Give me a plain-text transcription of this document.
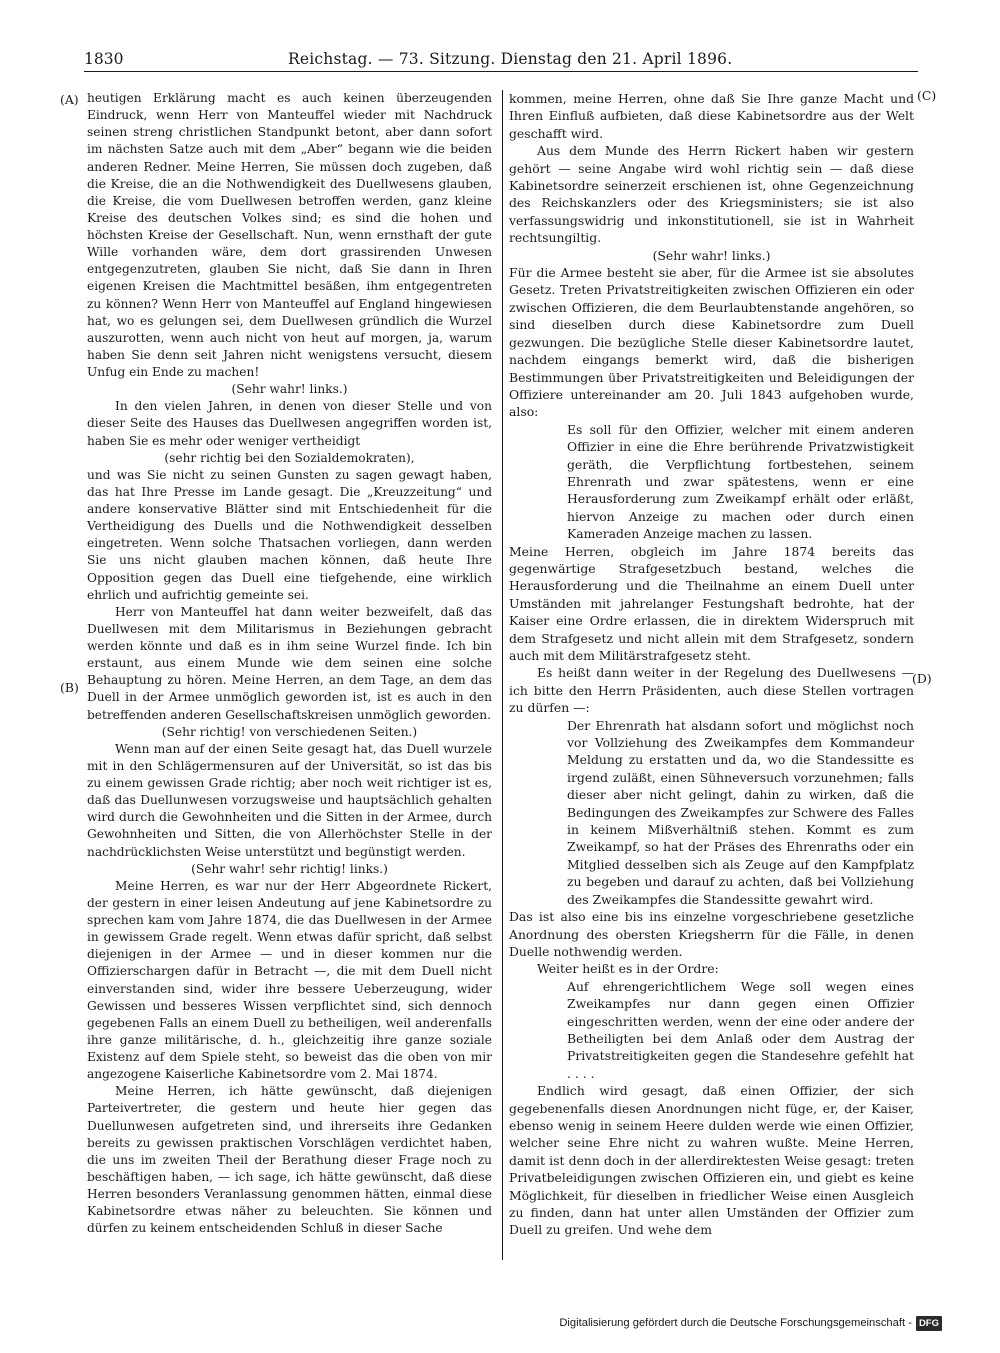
1830	Reichstag. — 73. Sitzung. Dienstag den 21. April 1896.
(A)
(B)
(C)
(D)

heutigen Erklärung macht es auch keinen überzeugenden Eindruck, wenn Herr von Manteuffel wieder mit Nachdruck seinen streng christlichen Standpunkt betont, aber dann sofort im nächsten Satze auch mit dem „Aber“ begann wie die beiden anderen Redner. Meine Herren, Sie müssen doch zugeben, daß die Kreise, die an die Nothwendigkeit des Duellwesens glauben, die Kreise, die vom Duellwesen betroffen werden, ganz kleine Kreise des deutschen Volkes sind; es sind die hohen und höchsten Kreise der Gesellschaft. Nun, wenn ernsthaft der gute Wille vorhanden wäre, dem dort grassirenden Unwesen entgegenzutreten, glauben Sie nicht, daß Sie dann in Ihren eigenen Kreisen die Machtmittel besäßen, ihm entgegentreten zu können? Wenn Herr von Manteuffel auf England hingewiesen hat, wo es gelungen sei, dem Duellwesen gründlich die Wurzel auszurotten, wenn auch nicht von heut auf morgen, ja, warum haben Sie denn seit Jahren nicht wenigstens versucht, diesem Unfug ein Ende zu machen!

(Sehr wahr! links.)

In den vielen Jahren, in denen von dieser Stelle und von dieser Seite des Hauses das Duellwesen angegriffen worden ist, haben Sie es mehr oder weniger vertheidigt

(sehr richtig bei den Sozialdemokraten),

und was Sie nicht zu seinen Gunsten zu sagen gewagt haben, das hat Ihre Presse im Lande gesagt. Die „Kreuzzeitung“ und andere konservative Blätter sind mit Entschiedenheit für die Vertheidigung des Duells und die Nothwendigkeit desselben eingetreten. Wenn solche Thatsachen vorliegen, dann werden Sie uns nicht glauben machen können, daß heute Ihre Opposition gegen das Duell eine tiefgehende, eine wirklich ehrlich und aufrichtig gemeinte sei.

Herr von Manteuffel hat dann weiter bezweifelt, daß das Duellwesen mit dem Militarismus in Beziehungen gebracht werden könnte und daß es in ihm seine Wurzel finde. Ich bin erstaunt, aus einem Munde wie dem seinen eine solche Behauptung zu hören. Meine Herren, an dem Tage, an dem das Duell in der Armee unmöglich geworden ist, ist es auch in den betreffenden anderen Gesellschaftskreisen unmöglich geworden.

(Sehr richtig! von verschiedenen Seiten.)

Wenn man auf der einen Seite gesagt hat, das Duell wurzele mit in den Schlägermensuren auf der Universität, so ist das bis zu einem gewissen Grade richtig; aber noch weit richtiger ist es, daß das Duellunwesen vorzugsweise und hauptsächlich gehalten wird durch die Gewohnheiten und die Sitten in der Armee, durch Gewohnheiten und Sitten, die von Allerhöchster Stelle in der nachdrücklichsten Weise unterstützt und begünstigt werden.

(Sehr wahr! sehr richtig! links.)

Meine Herren, es war nur der Herr Abgeordnete Rickert, der gestern in einer leisen Andeutung auf jene Kabinetsordre zu sprechen kam vom Jahre 1874, die das Duellwesen in der Armee in gewissem Grade regelt. Wenn etwas dafür spricht, daß selbst diejenigen in der Armee — und in dieser kommen nur die Offizierschargen dafür in Betracht —, die mit dem Duell nicht einverstanden sind, wider ihre bessere Ueberzeugung, wider Gewissen und besseres Wissen verpflichtet sind, sich dennoch gegebenen Falls an einem Duell zu betheiligen, weil anderenfalls ihre ganze militärische, d. h., gleichzeitig ihre ganze soziale Existenz auf dem Spiele steht, so beweist das die oben von mir angezogene Kaiserliche Kabinetsordre vom 2. Mai 1874.

Meine Herren, ich hätte gewünscht, daß diejenigen Parteivertreter, die gestern und heute hier gegen das Duellunwesen aufgetreten sind, und ihrerseits ihre Gedanken bereits zu gewissen praktischen Vorschlägen verdichtet haben, die uns im zweiten Theil der Berathung dieser Frage noch zu beschäftigen haben, — ich sage, ich hätte gewünscht, daß diese Herren besonders Veranlassung genommen hätten, einmal diese Kabinetsordre etwas näher zu beleuchten. Sie können und dürfen zu keinem entscheidenden Schluß in dieser Sache

kommen, meine Herren, ohne daß Sie Ihre ganze Macht und Ihren Einfluß aufbieten, daß diese Kabinetsordre aus der Welt geschafft wird.

Aus dem Munde des Herrn Rickert haben wir gestern gehört — seine Angabe wird wohl richtig sein — daß diese Kabinetsordre seinerzeit erschienen ist, ohne Gegenzeichnung des Reichskanzlers oder des Kriegsministers; sie ist also verfassungswidrig und inkonstitutionell, sie ist in Wahrheit rechtsungiltig.

(Sehr wahr! links.)

Für die Armee besteht sie aber, für die Armee ist sie absolutes Gesetz. Treten Privatstreitigkeiten zwischen Offizieren ein oder zwischen Offizieren, die dem Beurlaubtenstande angehören, so sind dieselben durch diese Kabinetsordre zum Duell gezwungen. Die bezügliche Stelle dieser Kabinetsordre lautet, nachdem eingangs bemerkt wird, daß die bisherigen Bestimmungen über Privatstreitigkeiten und Beleidigungen der Offiziere untereinander am 20. Juli 1843 aufgehoben wurde, also:

Es soll für den Offizier, welcher mit einem anderen Offizier in eine die Ehre berührende Privatzwistigkeit geräth, die Verpflichtung fortbestehen, seinem Ehrenrath und zwar spätestens, wenn er eine Herausforderung zum Zweikampf erhält oder erläßt, hiervon Anzeige zu machen oder durch einen Kameraden Anzeige machen zu lassen.

Meine Herren, obgleich im Jahre 1874 bereits das gegenwärtige Strafgesetzbuch bestand, welches die Herausforderung und die Theilnahme an einem Duell unter Umständen mit jahrelanger Festungshaft bedrohte, hat der Kaiser eine Ordre erlassen, die in direktem Widerspruch mit dem Strafgesetz und nicht allein mit dem Strafgesetz, sondern auch mit dem Militärstrafgesetz steht.

Es heißt dann weiter in der Regelung des Duellwesens — ich bitte den Herrn Präsidenten, auch diese Stellen vortragen zu dürfen —:

Der Ehrenrath hat alsdann sofort und möglichst noch vor Vollziehung des Zweikampfes dem Kommandeur Meldung zu erstatten und da, wo die Standessitte es irgend zuläßt, einen Sühneversuch vorzunehmen; falls dieser aber nicht gelingt, dahin zu wirken, daß die Bedingungen des Zweikampfes zur Schwere des Falles in keinem Mißverhältniß stehen. Kommt es zum Zweikampf, so hat der Präses des Ehrenraths oder ein Mitglied desselben sich als Zeuge auf den Kampfplatz zu begeben und darauf zu achten, daß bei Vollziehung des Zweikampfes die Standessitte gewahrt wird.

Das ist also eine bis ins einzelne vorgeschriebene gesetzliche Anordnung des obersten Kriegsherrn für die Fälle, in denen Duelle nothwendig werden.

Weiter heißt es in der Ordre:

Auf ehrengerichtlichem Wege soll wegen eines Zweikampfes nur dann gegen einen Offizier eingeschritten werden, wenn der eine oder andere der Betheiligten bei dem Anlaß oder dem Austrag der Privatstreitigkeiten gegen die Standesehre gefehlt hat . . . .

Endlich wird gesagt, daß einen Offizier, der sich gegebenenfalls diesen Anordnungen nicht füge, er, der Kaiser, ebenso wenig in seinem Heere dulden werde wie einen Offizier, welcher seine Ehre nicht zu wahren wußte. Meine Herren, damit ist denn doch in der allerdirektesten Weise gesagt: treten Privatbeleidigungen zwischen Offizieren ein, und giebt es keine Möglichkeit, für dieselben in friedlicher Weise einen Ausgleich zu finden, dann hat unter allen Umständen der Offizier zum Duell zu greifen. Und wehe dem

Digitalisierung gefördert durch die Deutsche Forschungsgemeinschaft - DFG
